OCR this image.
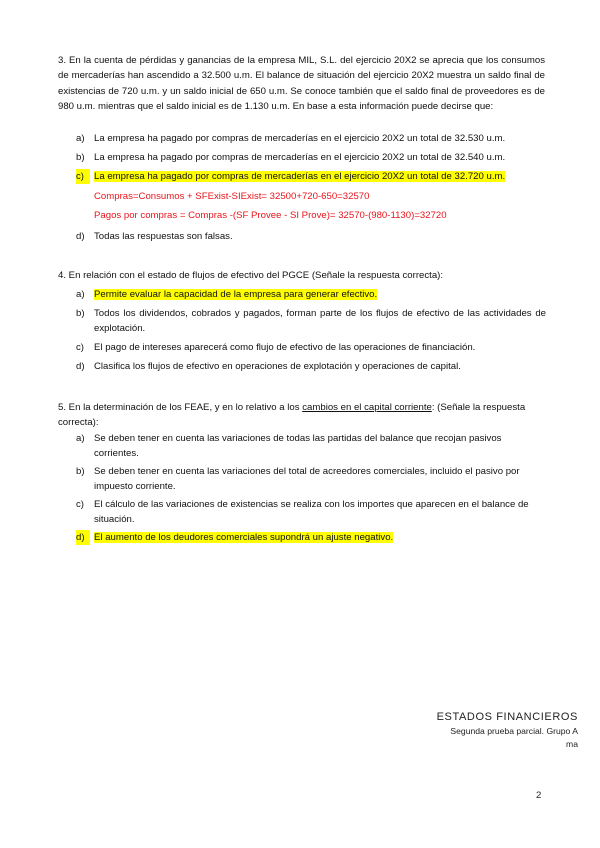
3. En la cuenta de pérdidas y ganancias de la empresa MIL, S.L. del ejercicio 20X2 se aprecia que los consumos de mercaderías han ascendido a 32.500 u.m. El balance de situación del ejercicio 20X2 muestra un saldo final de existencias de 720 u.m. y un saldo inicial de 650 u.m. Se conoce también que el saldo final de proveedores es de 980 u.m. mientras que el saldo inicial es de 1.130 u.m. En base a esta información puede decirse que:
a) La empresa ha pagado por compras de mercaderías en el ejercicio 20X2 un total de 32.530 u.m.
b) La empresa ha pagado por compras de mercaderías en el ejercicio 20X2 un total de 32.540 u.m.
c)	La empresa ha pagado por compras de mercaderías en el ejercicio 20X2 un total de 32.720 u.m.
Compras=Consumos + SFExist-SIExist= 32500+720-650=32570
Pagos por compras = Compras -(SF Provee - SI Prove)= 32570-(980-1130)=32720
d) Todas las respuestas son falsas.
4. En relación con el estado de flujos de efectivo del PGCE (Señale la respuesta correcta):
a) Permite evaluar la capacidad de la empresa para generar efectivo.
b) Todos los dividendos, cobrados y pagados, forman parte de los flujos de efectivo de las actividades de explotación.
c)	El pago de intereses aparecerá como flujo de efectivo de las operaciones de financiación.
d) Clasifica los flujos de efectivo en operaciones de explotación y operaciones de capital.
5. En la determinación de los FEAE, y en lo relativo a los cambios en el capital corriente: (Señale la respuesta correcta):
a) Se deben tener en cuenta las variaciones de todas las partidas del balance que recojan pasivos corrientes.
b) Se deben tener en cuenta las variaciones del total de acreedores comerciales, incluido el pasivo por impuesto corriente.
c)	El cálculo de las variaciones de existencias se realiza con los importes que aparecen en el balance de situación.
d) El aumento de los deudores comerciales supondrá un ajuste negativo.
ESTADOS FINANCIEROS
Segunda prueba parcial. Grupo A
ma
2
